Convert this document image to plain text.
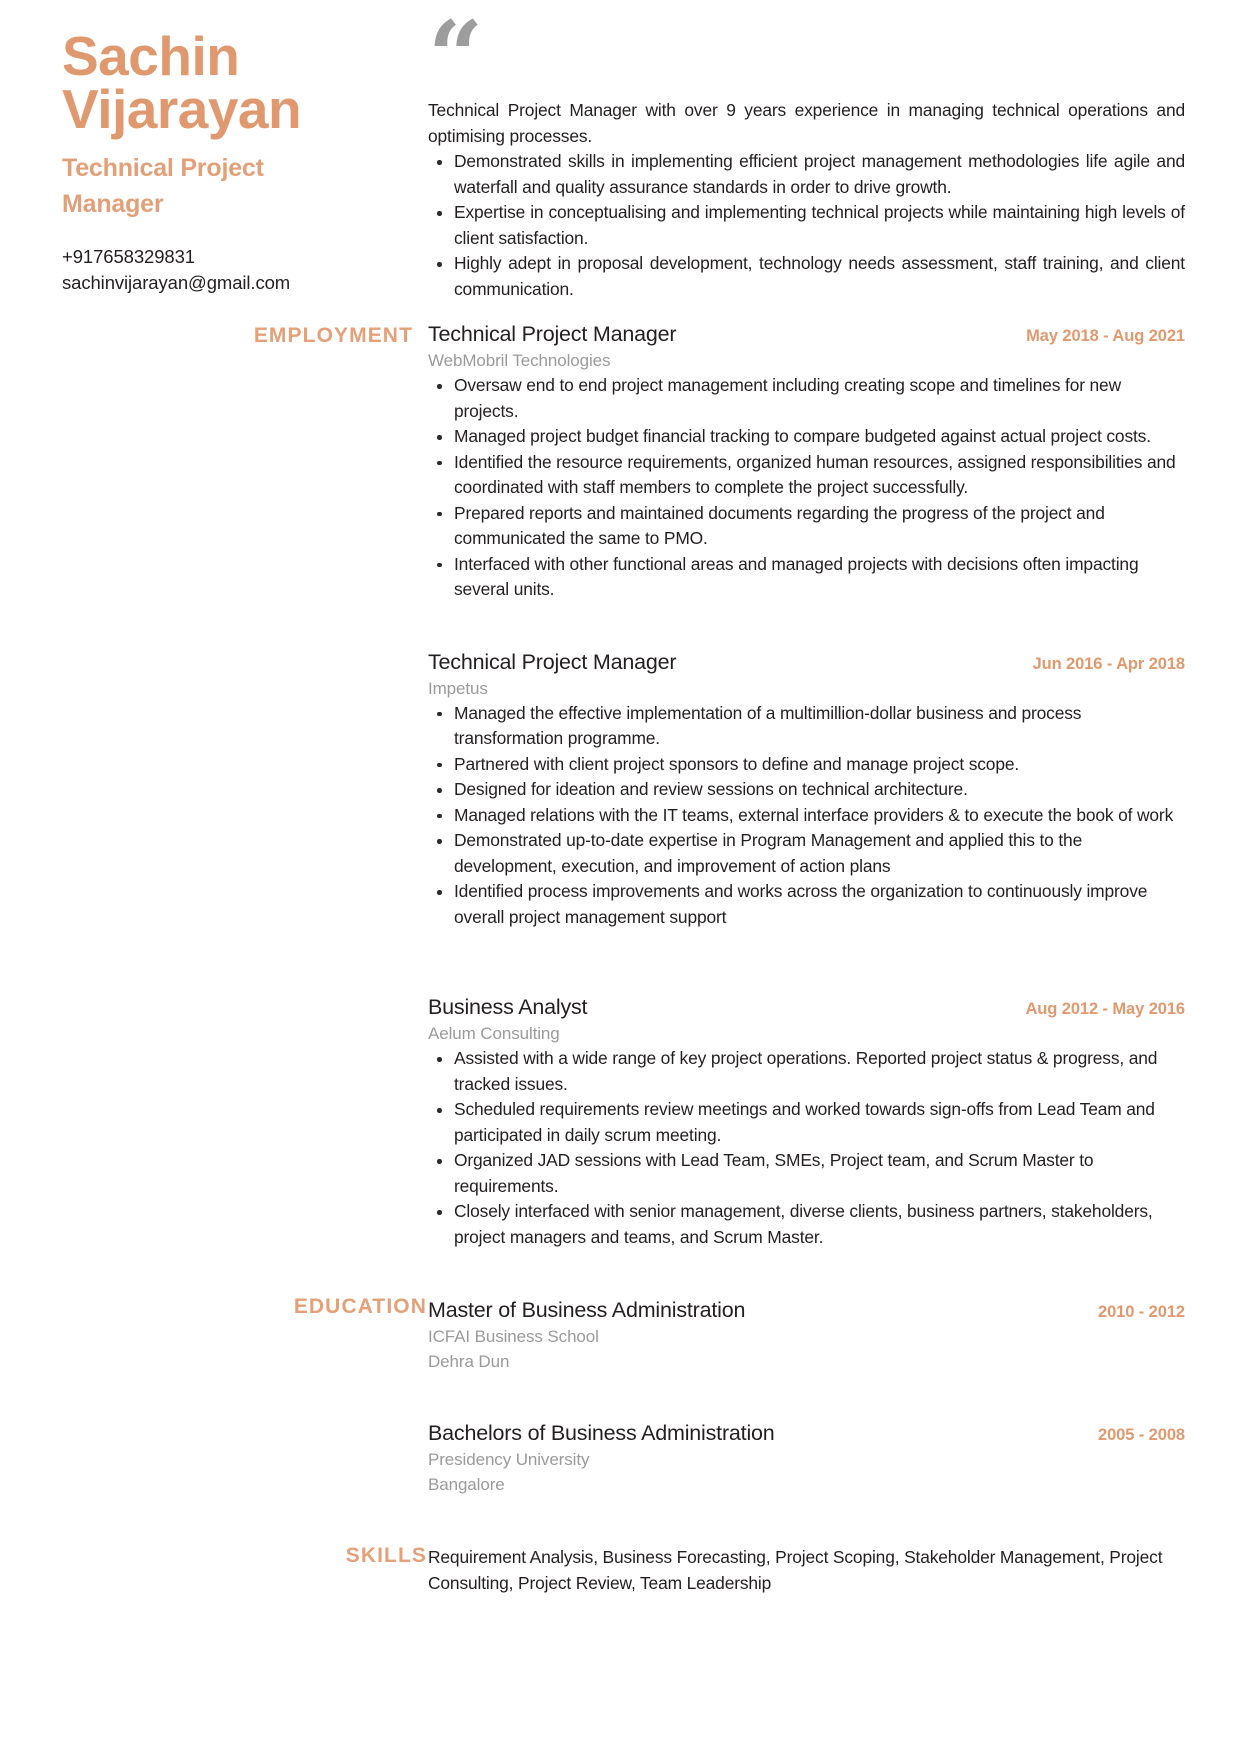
Sachin
Vijarayan
Technical Project
Manager
+917658329831
sachinvijarayan@gmail.com
EMPLOYMENT
“
Technical Project Manager with over 9 years experience in managing technical operations and optimising processes.
Demonstrated skills in implementing efficient project management methodologies life agile and waterfall and quality assurance standards in order to drive growth.
Expertise in conceptualising and implementing technical projects while maintaining high levels of client satisfaction.
Highly adept in proposal development, technology needs assessment, staff training, and client communication.
Technical Project Manager	May 2018 - Aug 2021
WebMobril Technologies
Oversaw end to end project management including creating scope and timelines for new projects.
Managed project budget financial tracking to compare budgeted against actual project costs.
Identified the resource requirements, organized human resources, assigned responsibilities and coordinated with staff members to complete the project successfully.
Prepared reports and maintained documents regarding the progress of the project and communicated the same to PMO.
Interfaced with other functional areas and managed projects with decisions often impacting several units.
Technical Project Manager	Jun 2016 - Apr 2018
Impetus
Managed the effective implementation of a multimillion-dollar business and process transformation programme.
Partnered with client project sponsors to define and manage project scope.
Designed for ideation and review sessions on technical architecture.
Managed relations with the IT teams, external interface providers & to execute the book of work
Demonstrated up-to-date expertise in Program Management and applied this to the development, execution, and improvement of action plans
Identified process improvements and works across the organization to continuously improve overall project management support
Business Analyst	Aug 2012 - May 2016
Aelum Consulting
Assisted with a wide range of key project operations. Reported project status & progress, and tracked issues.
Scheduled requirements review meetings and worked towards sign-offs from Lead Team and participated in daily scrum meeting.
Organized JAD sessions with Lead Team, SMEs, Project team, and Scrum Master to requirements.
Closely interfaced with senior management, diverse clients, business partners, stakeholders, project managers and teams, and Scrum Master.
EDUCATION Master of Business Administration	2010 - 2012
ICFAI Business School
Dehra Dun
Bachelors of Business Administration	2005 - 2008
Presidency University
Bangalore
SKILLS Requirement Analysis, Business Forecasting, Project Scoping, Stakeholder Management, Project Consulting, Project Review, Team Leadership
